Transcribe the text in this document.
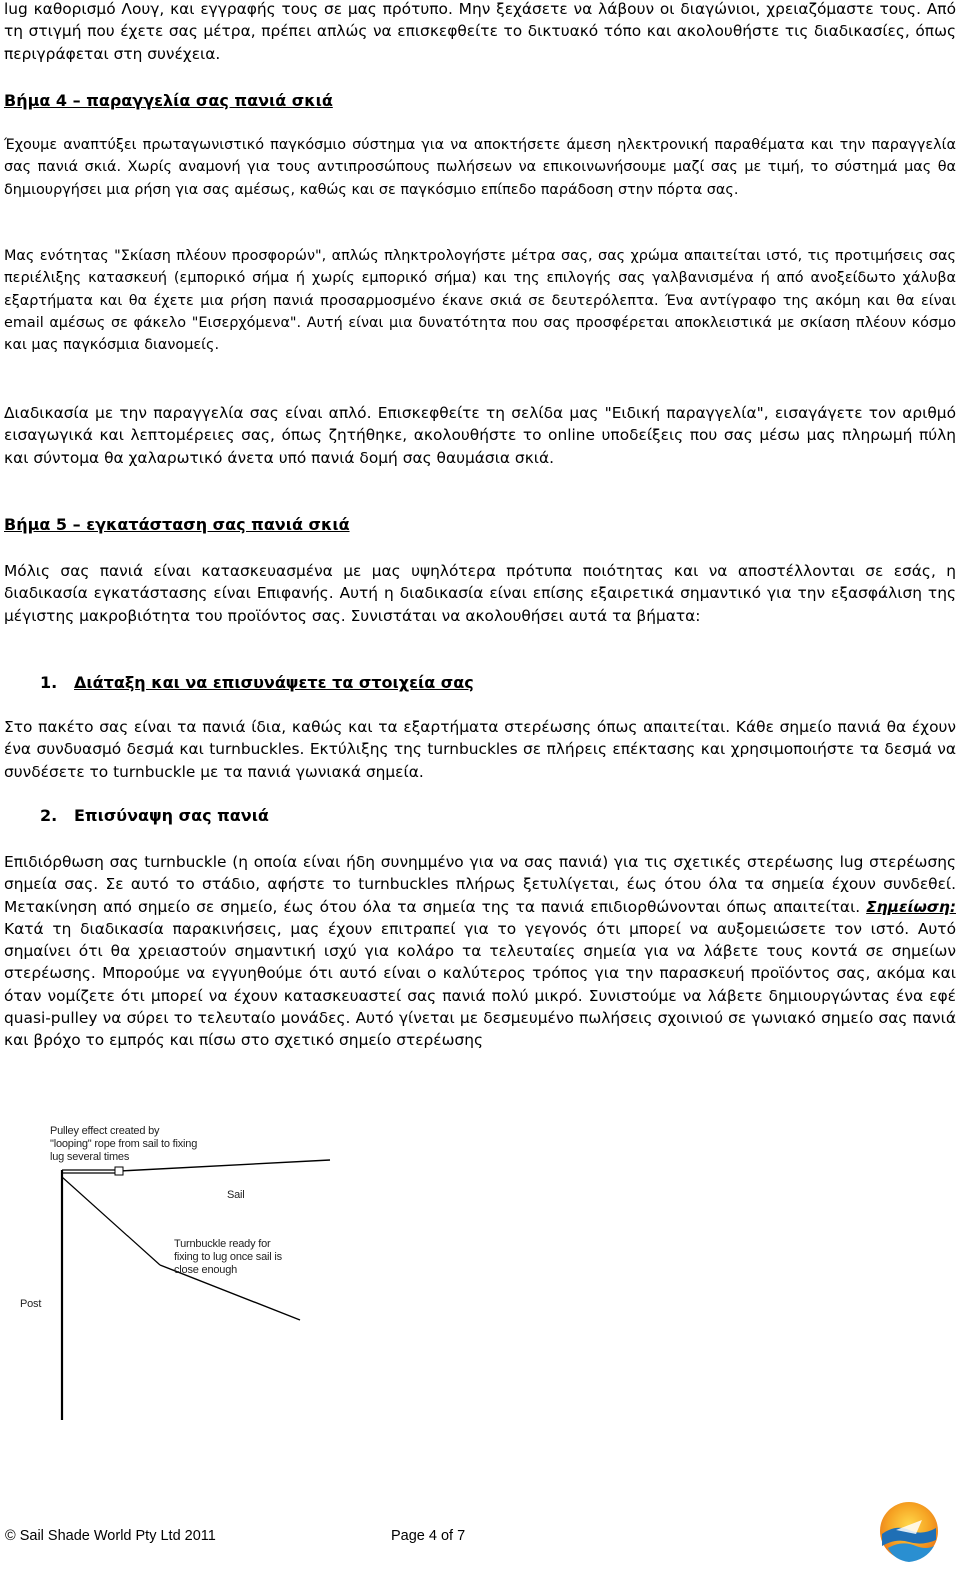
lug καθορισμό Λουγ, και εγγραφής τους σε μας πρότυπο. Μην ξεχάσετε να λάβουν οι διαγώνιοι, χρειαζόμαστε τους. Από τη στιγμή που έχετε σας μέτρα, πρέπει απλώς να επισκεφθείτε το δικτυακό τόπο και ακολουθήστε τις διαδικασίες, όπως περιγράφεται στη συνέχεια.

Βήμα 4 – παραγγελία σας πανιά σκιά

Έχουμε αναπτύξει πρωταγωνιστικό παγκόσμιο σύστημα για να αποκτήσετε άμεση ηλεκτρονική παραθέματα και την παραγγελία σας πανιά σκιά. Χωρίς αναμονή για τους αντιπροσώπους πωλήσεων να επικοινωνήσουμε μαζί σας με τιμή, το σύστημά μας θα δημιουργήσει μια ρήση για σας αμέσως, καθώς και σε παγκόσμιο επίπεδο παράδοση στην πόρτα σας.

Μας ενότητας "Σκίαση πλέουν προσφορών", απλώς πληκτρολογήστε μέτρα σας, σας χρώμα απαιτείται ιστό, τις προτιμήσεις σας περιέλιξης κατασκευή (εμπορικό σήμα ή χωρίς εμπορικό σήμα) και της επιλογής σας γαλβανισμένα ή από ανοξείδωτο χάλυβα εξαρτήματα και θα έχετε μια ρήση πανιά προσαρμοσμένο έκανε σκιά σε δευτερόλεπτα. Ένα αντίγραφο της ακόμη και θα είναι email αμέσως σε φάκελο "Εισερχόμενα". Αυτή είναι μια δυνατότητα που σας προσφέρεται αποκλειστικά με σκίαση πλέουν κόσμο και μας παγκόσμια διανομείς.

Διαδικασία με την παραγγελία σας είναι απλό. Επισκεφθείτε τη σελίδα μας "Ειδική παραγγελία", εισαγάγετε τον αριθμό εισαγωγικά και λεπτομέρειες σας, όπως ζητήθηκε, ακολουθήστε το online υποδείξεις που σας μέσω μας πληρωμή πύλη και σύντομα θα χαλαρωτικό άνετα υπό πανιά δομή σας θαυμάσια σκιά.

Βήμα 5 – εγκατάσταση σας πανιά σκιά

Μόλις σας πανιά είναι κατασκευασμένα με μας υψηλότερα πρότυπα ποιότητας και να αποστέλλονται σε εσάς, η διαδικασία εγκατάστασης είναι Επιφανής. Αυτή η διαδικασία είναι επίσης εξαιρετικά σημαντικό για την εξασφάλιση της μέγιστης μακροβιότητα του προϊόντος σας. Συνιστάται να ακολουθήσει αυτά τα βήματα:

1. Διάταξη και να επισυνάψετε τα στοιχεία σας

Στο πακέτο σας είναι τα πανιά ίδια, καθώς και τα εξαρτήματα στερέωσης όπως απαιτείται. Κάθε σημείο πανιά θα έχουν ένα συνδυασμό δεσμά και turnbuckles. Εκτύλιξης της turnbuckles σε πλήρεις επέκτασης και χρησιμοποιήστε τα δεσμά να συνδέσετε το turnbuckle με τα πανιά γωνιακά σημεία.

2. Επισύναψη σας πανιά

Επιδιόρθωση σας turnbuckle (η οποία είναι ήδη συνημμένο για να σας πανιά) για τις σχετικές στερέωσης lug στερέωσης σημεία σας. Σε αυτό το στάδιο, αφήστε το turnbuckles πλήρως ξετυλίγεται, έως ότου όλα τα σημεία έχουν συνδεθεί. Μετακίνηση από σημείο σε σημείο, έως ότου όλα τα σημεία της τα πανιά επιδιορθώνονται όπως απαιτείται. Σημείωση: Κατά τη διαδικασία παρακινήσεις, μας έχουν επιτραπεί για το γεγονός ότι μπορεί να αυξομειώσετε τον ιστό. Αυτό σημαίνει ότι θα χρειαστούν σημαντική ισχύ για κολάρο τα τελευταίες σημεία για να λάβετε τους κοντά σε σημείων στερέωσης. Μπορούμε να εγγυηθούμε ότι αυτό είναι ο καλύτερος τρόπος για την παρασκευή προϊόντος σας, ακόμα και όταν νομίζετε ότι μπορεί να έχουν κατασκευαστεί σας πανιά πολύ μικρό. Συνιστούμε να λάβετε δημιουργώντας ένα εφέ quasi-pulley να σύρει το τελευταίο μονάδες. Αυτό γίνεται με δεσμευμένο πωλήσεις σχοινιού σε γωνιακό σημείο σας πανιά και βρόχο το εμπρός και πίσω στο σχετικό σημείο στερέωσης

Pulley effect created by "looping" rope from sail to fixing lug several times
Sail
Turnbuckle ready for fixing to lug once sail is close enough
Post
© Sail Shade World Pty Ltd 2011	Page 4 of 7
